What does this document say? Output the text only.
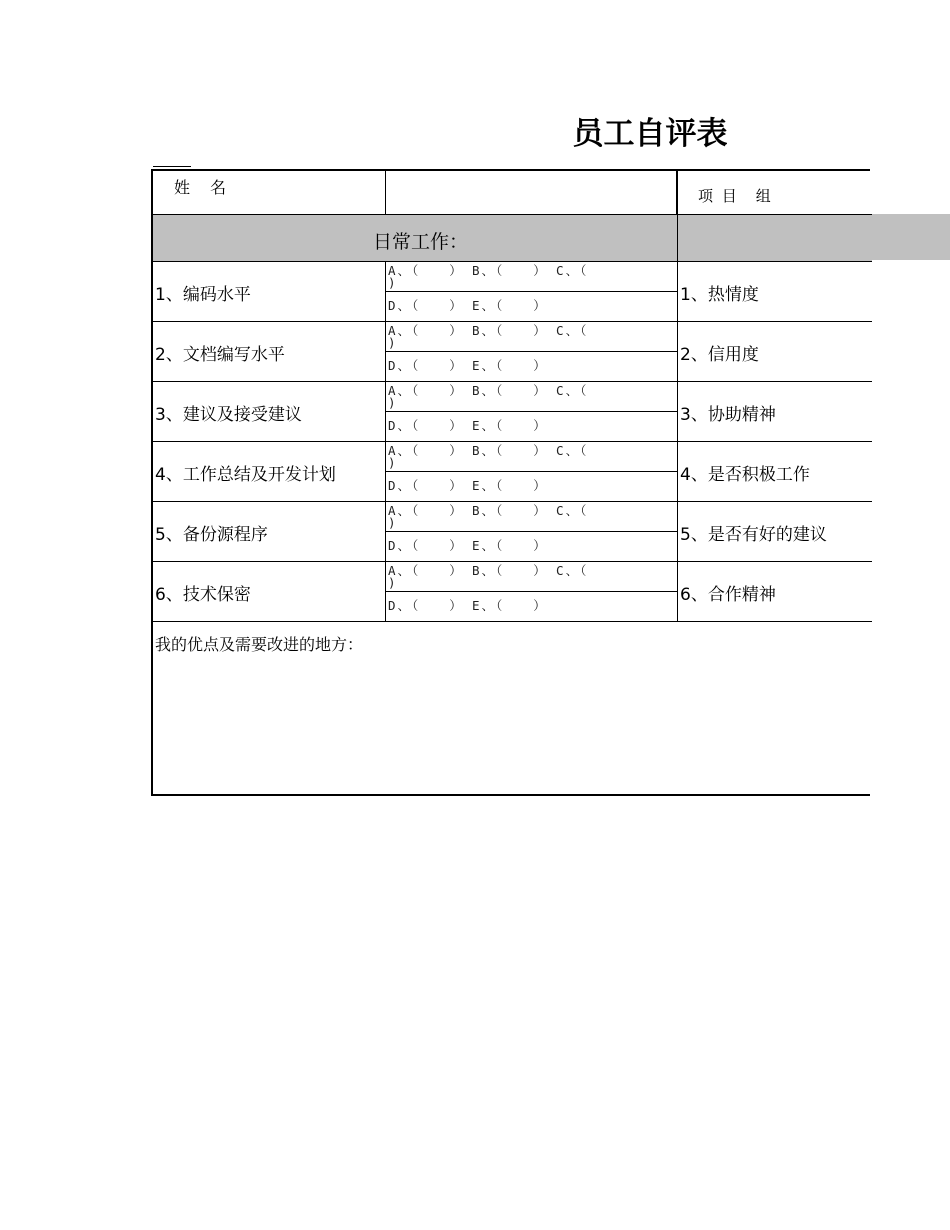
员工自评表
姓　名	项 目　组
日常工作：
1、编码水平
A、（　　）　B、（　　）　C、（
)
D、（　　）　E、（　　）
1、热情度
2、文档编写水平
A、（　　）　B、（　　）　C、（
)
D、（　　）　E、（　　）
2、信用度
3、建议及接受建议
A、（　　）　B、（　　）　C、（
)
D、（　　）　E、（　　）
3、协助精神
4、工作总结及开发计划
A、（　　）　B、（　　）　C、（
)
D、（　　）　E、（　　）
4、是否积极工作
5、备份源程序
A、（　　）　B、（　　）　C、（
)
D、（　　）　E、（　　）
5、是否有好的建议
6、技术保密
A、（　　）　B、（　　）　C、（
)
D、（　　）　E、（　　）
6、合作精神
我的优点及需要改进的地方：
